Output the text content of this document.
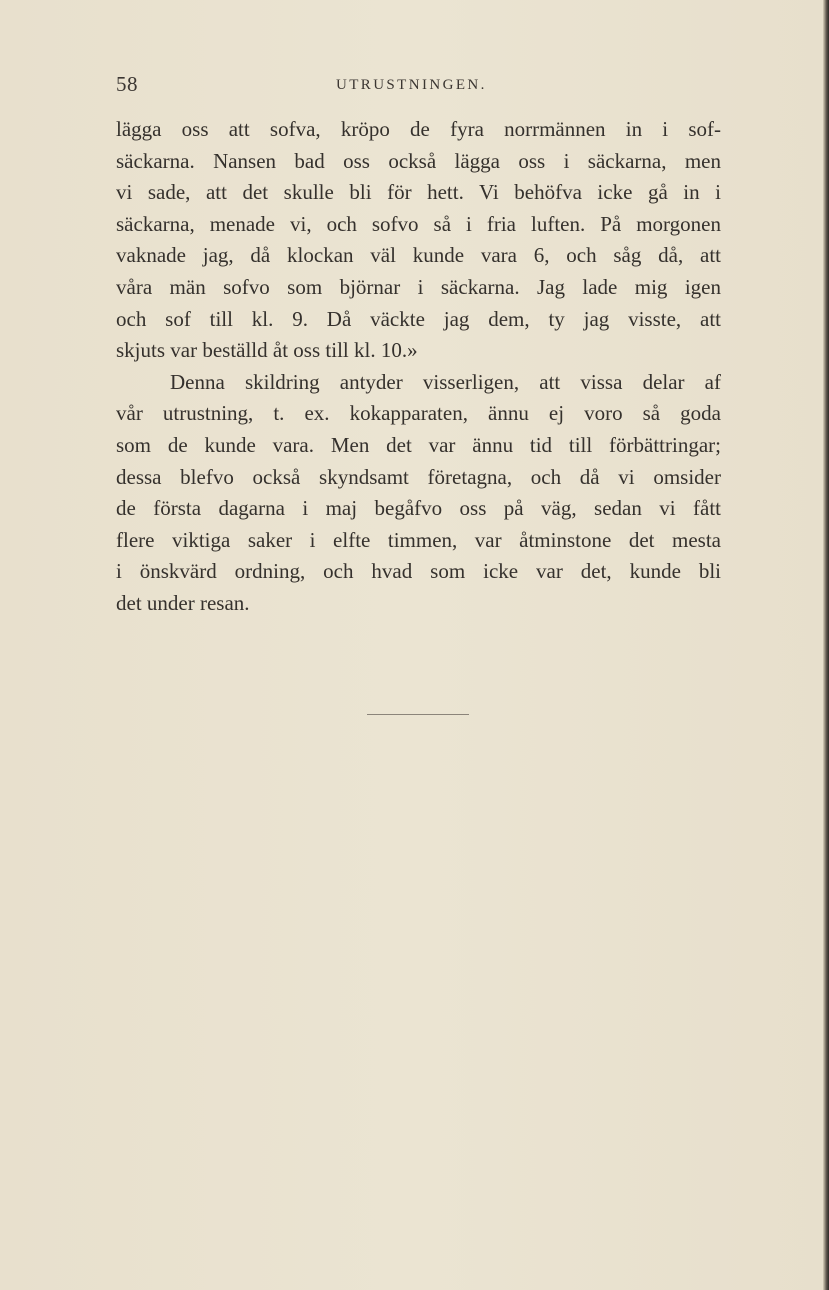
58	UTRUSTNINGEN.
lägga oss att sofva, kröpo de fyra norrmännen in i sof-
säckarna. Nansen bad oss också lägga oss i säckarna, men
vi sade, att det skulle bli för hett. Vi behöfva icke gå in i
säckarna, menade vi, och sofvo så i fria luften. På morgonen
vaknade jag, då klockan väl kunde vara 6, och såg då, att
våra män sofvo som björnar i säckarna. Jag lade mig igen
och sof till kl. 9. Då väckte jag dem, ty jag visste, att
skjuts var beställd åt oss till kl. 10.»
Denna skildring antyder visserligen, att vissa delar af
vår utrustning, t. ex. kokapparaten, ännu ej voro så goda
som de kunde vara. Men det var ännu tid till förbättringar;
dessa blefvo också skyndsamt företagna, och då vi omsider
de första dagarna i maj begåfvo oss på väg, sedan vi fått
flere viktiga saker i elfte timmen, var åtminstone det mesta
i önskvärd ordning, och hvad som icke var det, kunde bli
det under resan.
